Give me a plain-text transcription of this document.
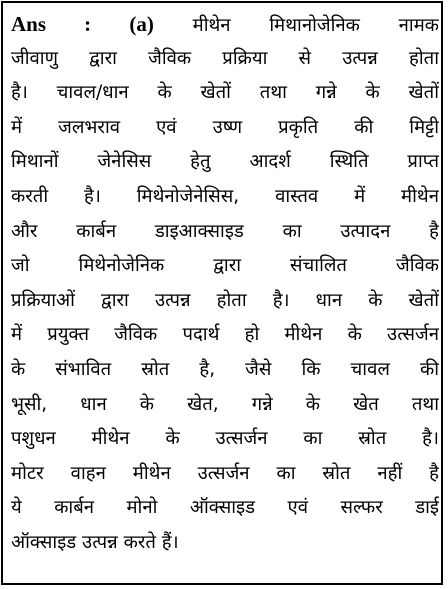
Ans : (a) मीथेन मिथानोजेनिक नामक
जीवाणु द्वारा जैविक प्रक्रिया से उत्पन्न होता
है। चावल/धान के खेतों तथा गन्ने के खेतों
में जलभराव एवं उष्ण प्रकृति की मिट्टी
मिथानों जेनेसिस हेतु आदर्श स्थिति प्राप्त
करती है। मिथेनोजेनेसिस, वास्तव में मीथेन
और कार्बन डाइआक्साइड का उत्पादन है
जो मिथेनोजेनिक द्वारा संचालित जैविक
प्रक्रियाओं द्वारा उत्पन्न होता है। धान के खेतों
में प्रयुक्त जैविक पदार्थ हो मीथेन के उत्सर्जन
के संभावित स्रोत है, जैसे कि चावल की
भूसी, धान के खेत, गन्ने के खेत तथा
पशुधन मीथेन के उत्सर्जन का स्रोत है।
मोटर वाहन मीथेन उत्सर्जन का स्रोत नहीं है
ये कार्बन मोनो ऑक्साइड एवं सल्फर डाई
ऑक्साइड उत्पन्न करते हैं।
